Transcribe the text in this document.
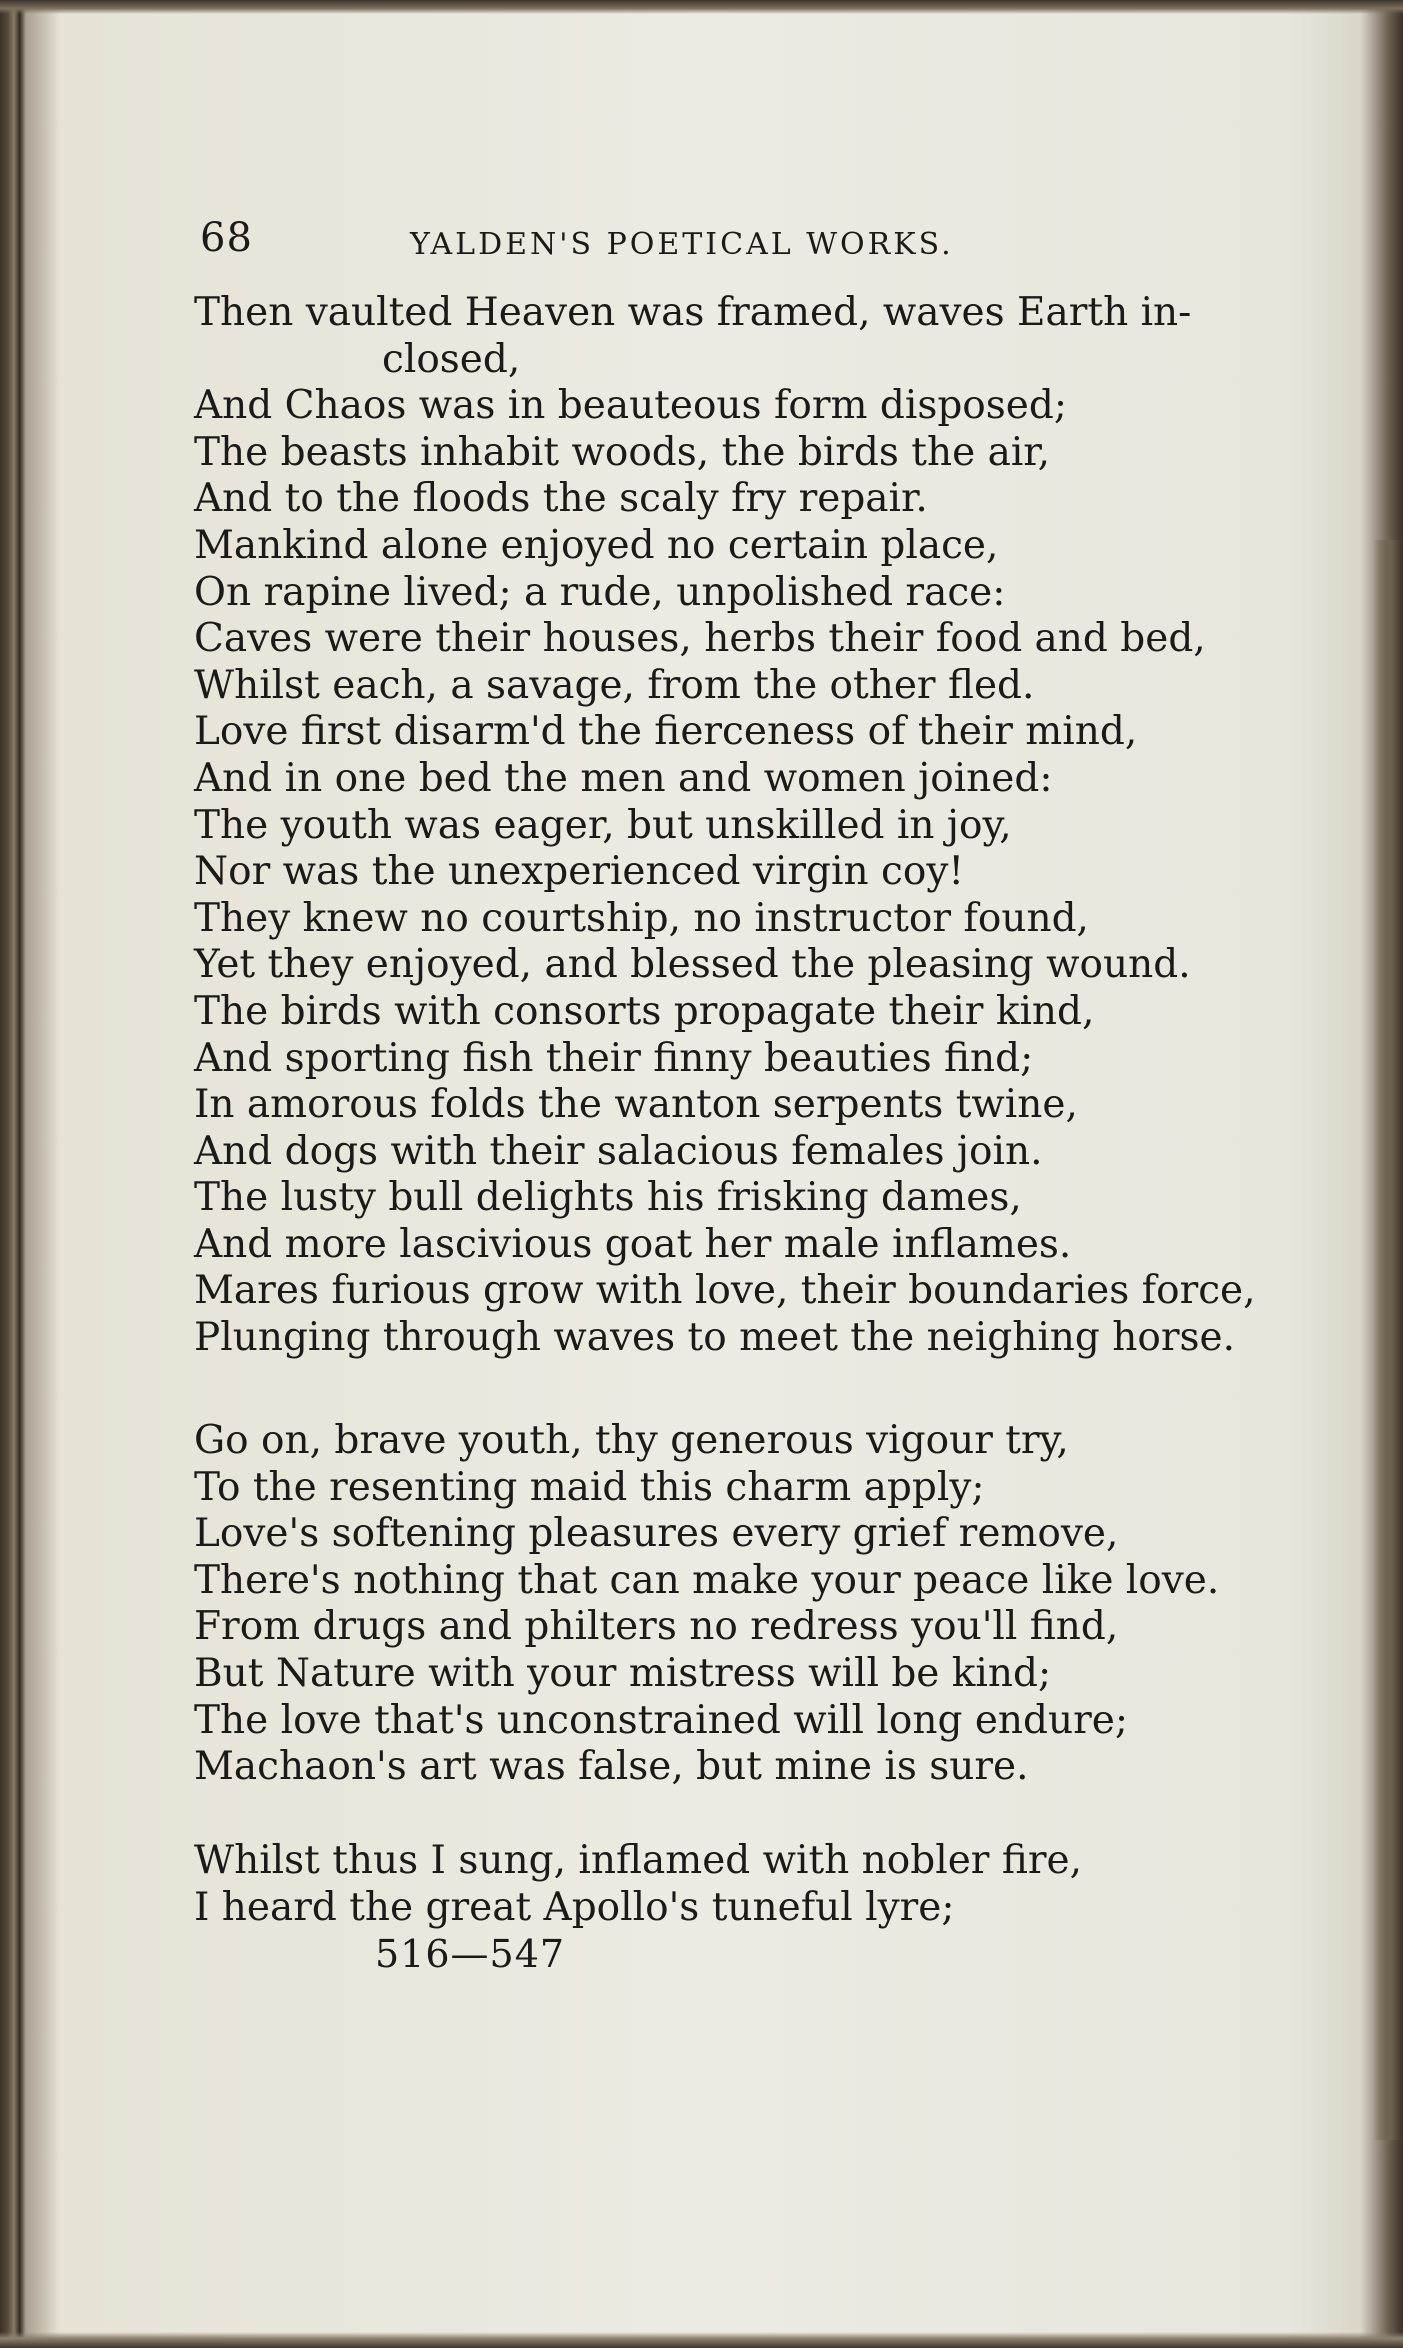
68	YALDEN'S POETICAL WORKS.
Then vaulted Heaven was framed, waves Earth in-
closed,
And Chaos was in beauteous form disposed;
The beasts inhabit woods, the birds the air,
And to the floods the scaly fry repair.
Mankind alone enjoyed no certain place,
On rapine lived; a rude, unpolished race:
Caves were their houses, herbs their food and bed,
Whilst each, a savage, from the other fled.
Love first disarm'd the fierceness of their mind,
And in one bed the men and women joined:
The youth was eager, but unskilled in joy,
Nor was the unexperienced virgin coy!
They knew no courtship, no instructor found,
Yet they enjoyed, and blessed the pleasing wound.
The birds with consorts propagate their kind,
And sporting fish their finny beauties find;
In amorous folds the wanton serpents twine,
And dogs with their salacious females join.
The lusty bull delights his frisking dames,
And more lascivious goat her male inflames.
Mares furious grow with love, their boundaries force,
Plunging through waves to meet the neighing horse.
Go on, brave youth, thy generous vigour try,
To the resenting maid this charm apply;
Love's softening pleasures every grief remove,
There's nothing that can make your peace like love.
From drugs and philters no redress you'll find,
But Nature with your mistress will be kind;
The love that's unconstrained will long endure;
Machaon's art was false, but mine is sure.
Whilst thus I sung, inflamed with nobler fire,
I heard the great Apollo's tuneful lyre;
516—547
